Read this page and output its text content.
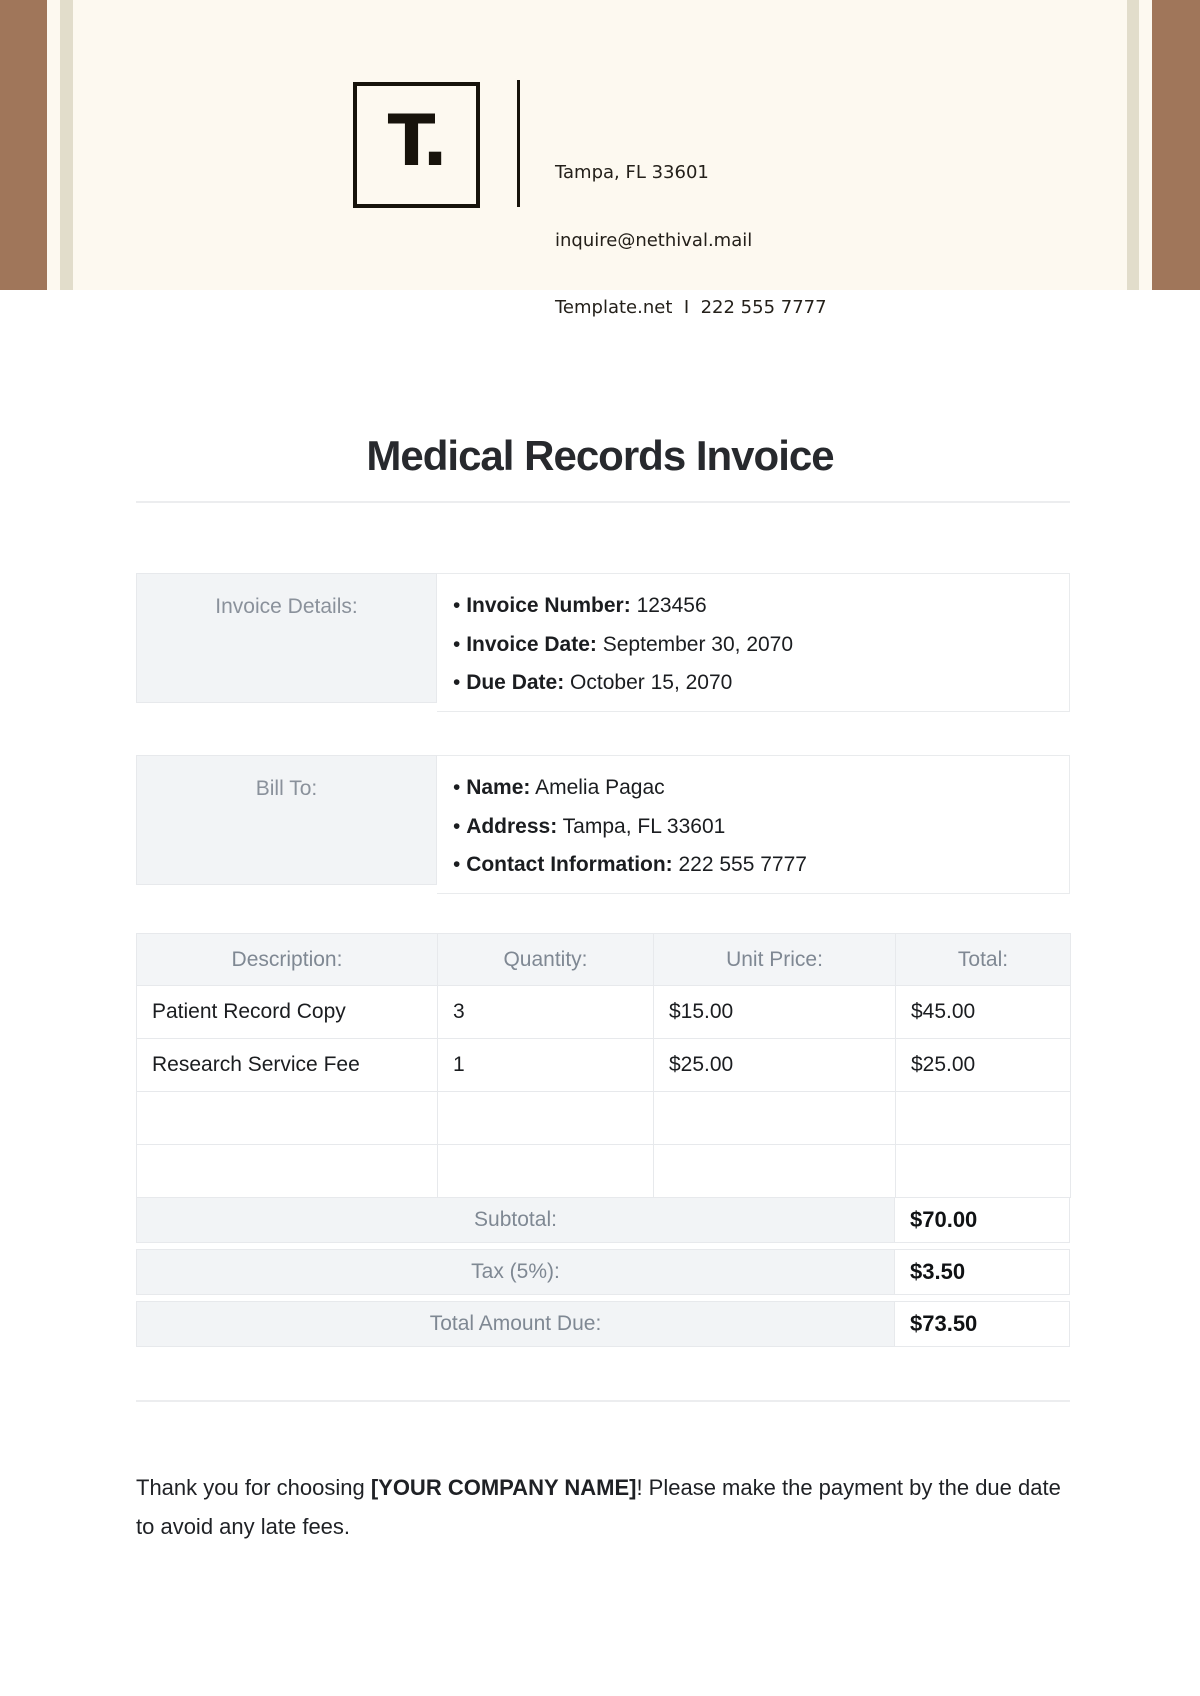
T.

	Tampa, FL 33601

inquire@nethival.mail

Template.net  I  222 555 7777

Medical Records Invoice
Invoice Details:	• Invoice Number: 123456
• Invoice Date: September 30, 2070
• Due Date: October 15, 2070
Bill To:	• Name: Amelia Pagac
• Address: Tampa, FL 33601
• Contact Information: 222 555 7777
Description:	Quantity:	Unit Price:	Total:
Patient Record Copy	3	$15.00	$45.00
Research Service Fee	1	$25.00	$25.00

Subtotal:	$70.00
Tax (5%):	$3.50
Total Amount Due:	$73.50

Thank you for choosing [YOUR COMPANY NAME]! Please make the payment by the due date to avoid any late fees.
